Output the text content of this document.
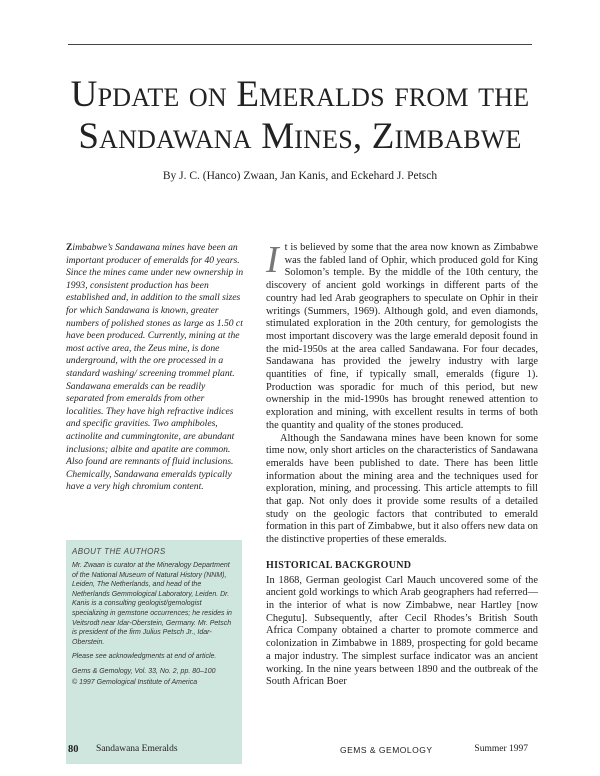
Update on Emeralds from the
Sandawana Mines, Zimbabwe
By J. C. (Hanco) Zwaan, Jan Kanis, and Eckehard J. Petsch
Zimbabwe’s Sandawana mines have been an important producer of emeralds for 40 years. Since the mines came under new ownership in 1993, consistent production has been established and, in addition to the small sizes for which Sandawana is known, greater numbers of polished stones as large as 1.50 ct have been produced. Currently, mining at the most active area, the Zeus mine, is done underground, with the ore processed in a standard washing/ screening trommel plant. Sandawana emeralds can be readily separated from emeralds from other localities. They have high refractive indices and specific gravities. Two amphiboles, actinolite and cummingtonite, are abundant inclusions; albite and apatite are common. Also found are remnants of fluid inclusions. Chemically, Sandawana emeralds typically have a very high chromium content.
ABOUT THE AUTHORS

Mr. Zwaan is curator at the Mineralogy Department of the National Museum of Natural History (NNM), Leiden, The Netherlands, and head of the Netherlands Gemmological Laboratory, Leiden. Dr. Kanis is a consulting geologist/gemologist specializing in gemstone occurrences; he resides in Veitsrodt near Idar-Oberstein, Germany. Mr. Petsch is president of the firm Julius Petsch Jr., Idar-Oberstein.

Please see acknowledgments at end of article.

Gems & Gemology, Vol. 33, No. 2, pp. 80–100

© 1997 Gemological Institute of America

It is believed by some that the area now known as Zimbabwe was the fabled land of Ophir, which produced gold for King Solomon’s temple. By the middle of the 10th century, the discovery of ancient gold workings in different parts of the country had led Arab geographers to speculate on Ophir in their writings (Summers, 1969). Although gold, and even diamonds, stimulated exploration in the 20th century, for gemologists the most important discovery was the large emerald deposit found in the mid-1950s at the area called Sandawana. For four decades, Sandawana has provided the jewelry industry with large quantities of fine, if typically small, emeralds (figure 1). Production was sporadic for much of this period, but new ownership in the mid-1990s has brought renewed attention to exploration and mining, with excellent results in terms of both the quantity and quality of the stones produced.

Although the Sandawana mines have been known for some time now, only short articles on the characteristics of Sandawana emeralds have been published to date. There has been little information about the mining area and the techniques used for exploration, mining, and processing. This article attempts to fill that gap. Not only does it provide some results of a detailed study on the geologic factors that contributed to emerald formation in this part of Zimbabwe, but it also offers new data on the distinctive properties of these emeralds.

HISTORICAL BACKGROUND

In 1868, German geologist Carl Mauch uncovered some of the ancient gold workings to which Arab geographers had referred—in the interior of what is now Zimbabwe, near Hartley [now Chegutu]. Subsequently, after Cecil Rhodes’s British South Africa Company obtained a charter to promote commerce and colonization in Zimbabwe in 1889, prospecting for gold became a major industry. The simplest surface indicator was an ancient working. In the nine years between 1890 and the outbreak of the South African Boer

80 Sandawana Emeralds	GEMS & GEMOLOGY	Summer 1997
